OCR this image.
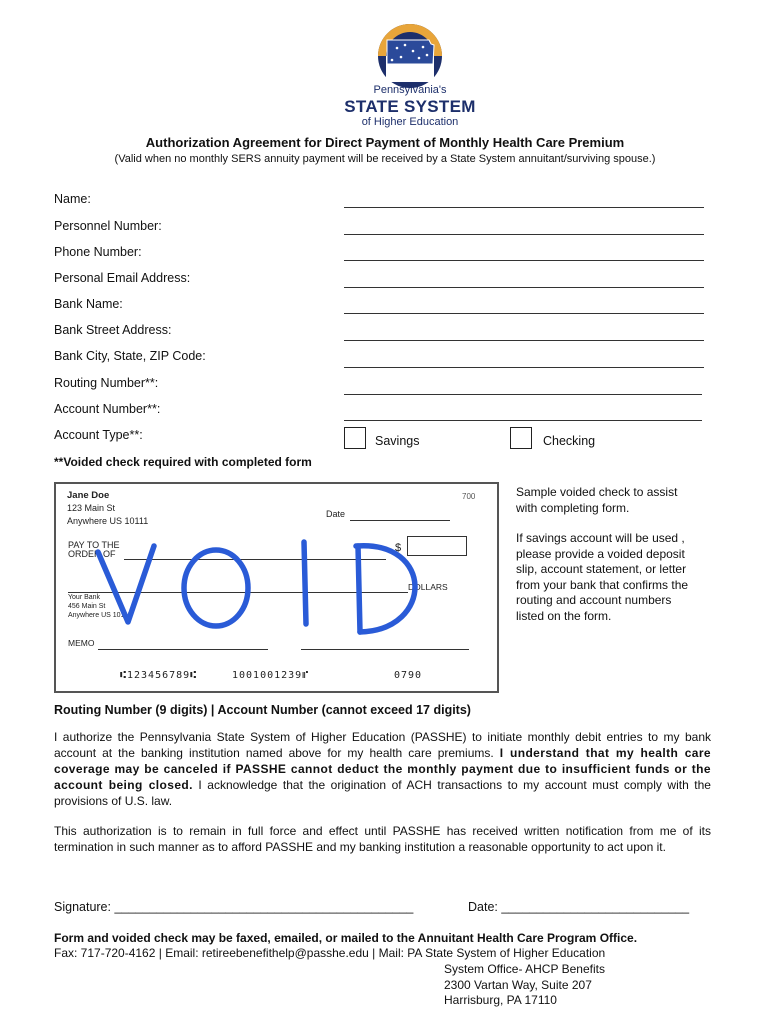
Pennsylvania's
STATE SYSTEM
of Higher Education
Authorization Agreement for Direct Payment of Monthly Health Care Premium
(Valid when no monthly SERS annuity payment will be received by a State System annuitant/surviving spouse.)
Name:
Personnel Number:
Phone Number:
Personal Email Address:
Bank Name:
Bank Street Address:
Bank City, State, ZIP Code:
Routing Number**:
Account Number**:
Account Type**:	Savings	Checking
**Voided check required with completed form
Jane Doe
123 Main St
Anywhere US 10111
700
Date
PAY TO THE
ORDER OF	$
DOLLARS
Your Bank
456 Main St
Anywhere US 10111
MEMO
⑆123456789⑆	1001001239⑈	0790
Sample voided check to assist with completing form.
If savings account will be used , please provide a voided deposit slip, account statement, or letter from your bank that confirms the routing and account numbers listed on the form.
Routing Number (9 digits) | Account Number (cannot exceed 17 digits)
I authorize the Pennsylvania State System of Higher Education (PASSHE) to initiate monthly debit entries to my bank account at the banking institution named above for my health care premiums. I understand that my health care coverage may be canceled if PASSHE cannot deduct the monthly payment due to insufficient funds or the account being closed. I acknowledge that the origination of ACH transactions to my account must comply with the provisions of U.S. law.
This authorization is to remain in full force and effect until PASSHE has received written notification from me of its termination in such manner as to afford PASSHE and my banking institution a reasonable opportunity to act upon it.
Signature: ___________________________________________	Date: ___________________________
Form and voided check may be faxed, emailed, or mailed to the Annuitant Health Care Program Office.
Fax: 717-720-4162 | Email: retireebenefithelp@passhe.edu | Mail: PA State System of Higher Education
System Office- AHCP Benefits
2300 Vartan Way, Suite 207
Harrisburg, PA 17110
